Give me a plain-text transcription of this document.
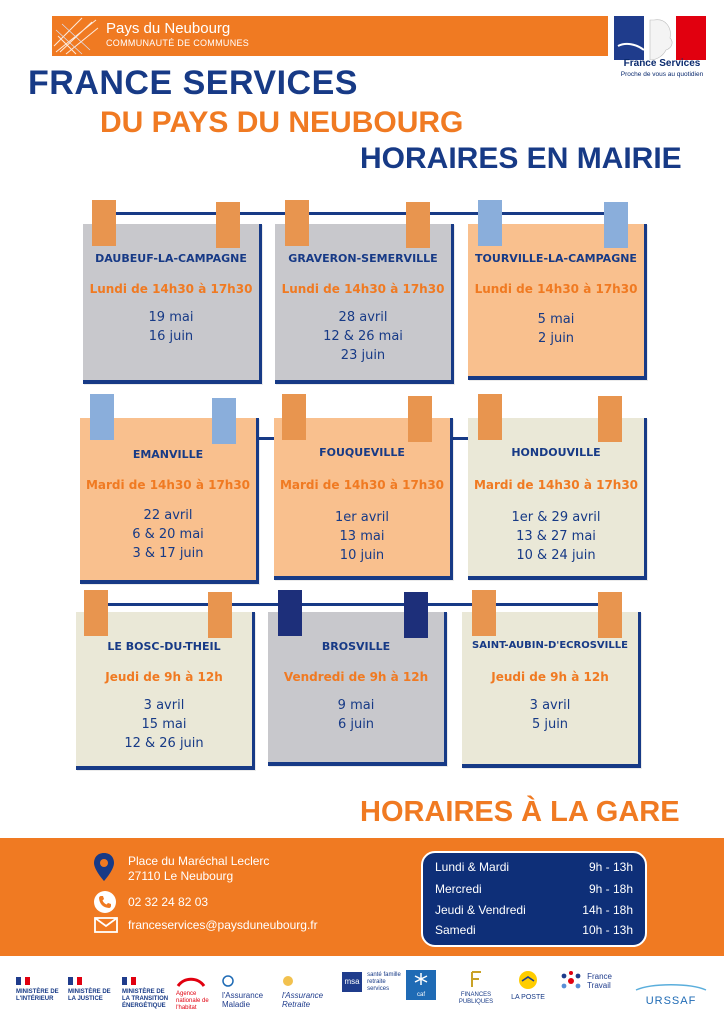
Pays du Neubourg
COMMUNAUTÉ DE COMMUNES
France Services
Proche de vous au quotidien
FRANCE SERVICES
DU PAYS DU NEUBOURG
HORAIRES EN MAIRIE
DAUBEUF-LA-CAMPAGNE
Lundi de 14h30 à 17h30
19 mai
16 juin
GRAVERON-SEMERVILLE
Lundi de 14h30 à 17h30
28 avril
12 & 26 mai
23 juin
TOURVILLE-LA-CAMPAGNE
Lundi de 14h30 à 17h30
5 mai
2 juin
EMANVILLE
Mardi de 14h30 à 17h30
22 avril
6 & 20 mai
3 & 17 juin
FOUQUEVILLE
Mardi de 14h30 à 17h30
1er avril
13 mai
10 juin
HONDOUVILLE
Mardi de 14h30 à 17h30
1er & 29 avril
13 & 27 mai
10 & 24 juin
LE BOSC-DU-THEIL
Jeudi de 9h à 12h
3 avril
15 mai
12 & 26 juin
BROSVILLE
Vendredi de 9h à 12h
9 mai
6 juin
SAINT-AUBIN-D'ECROSVILLE
Jeudi de 9h à 12h
3 avril
5 juin
HORAIRES À LA GARE
Place du Maréchal Leclerc
27110 Le Neubourg
02 32 24 82 03
franceservices@paysduneubourg.fr
Lundi & Mardi	9h - 13h
Mercredi	9h - 18h
Jeudi & Vendredi	14h - 18h
Samedi	10h - 13h
MINISTÈRE DE L'INTÉRIEUR
MINISTÈRE DE LA JUSTICE
MINISTÈRE DE LA TRANSITION ÉNERGÉTIQUE
Agence nationale de l'habitat
l'Assurance Maladie
l'Assurance Retraite
msa santé famille retraite services
caf	FINANCES PUBLIQUES
LA POSTE
France Travail
URSSAF
